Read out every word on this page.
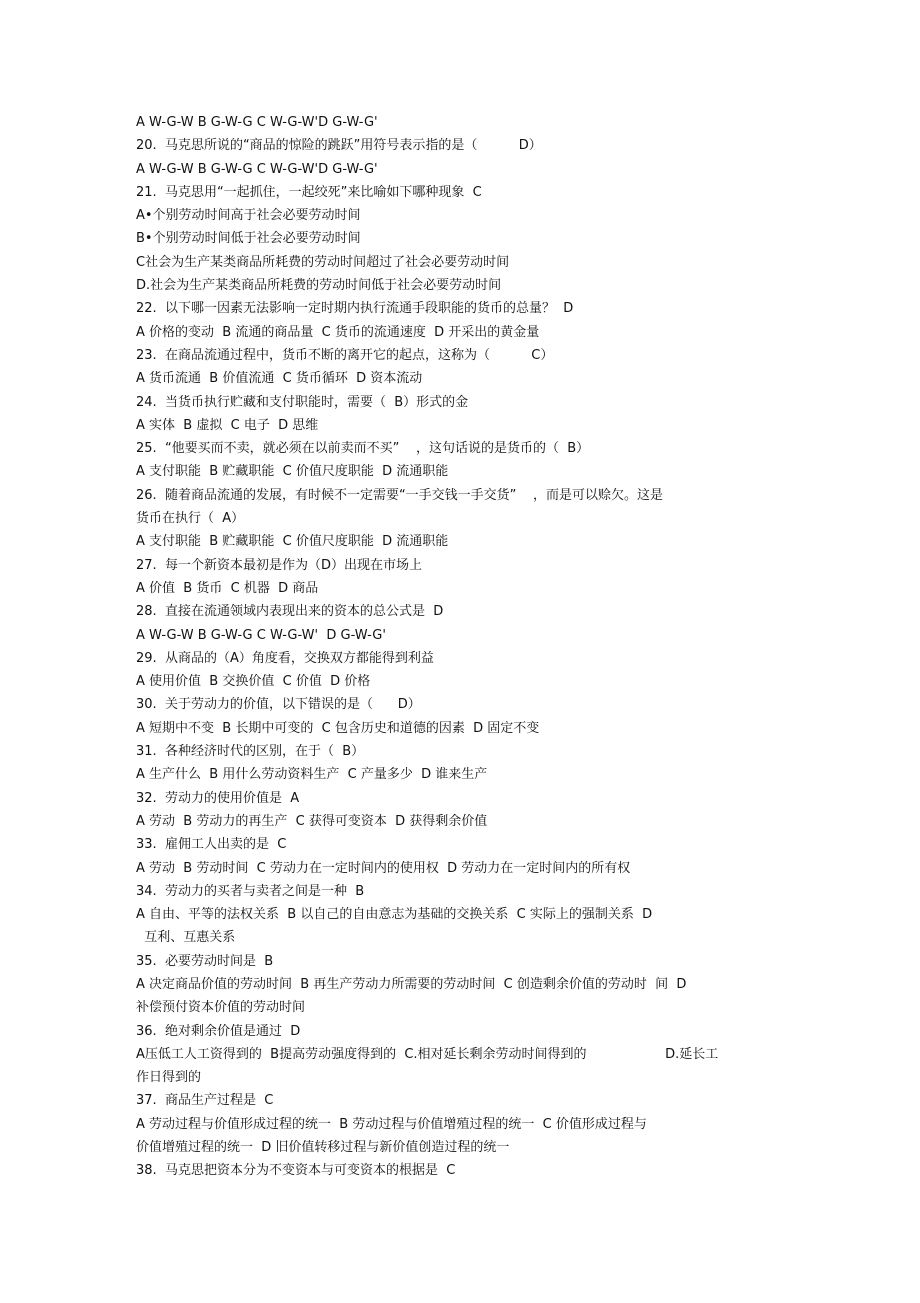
A W-G-W B G-W-G C W-G-W'D G-W-G'
20.  马克思所说的“商品的惊险的跳跃”用符号表示指的是（          D）
A W-G-W B G-W-G C W-G-W'D G-W-G'
21.  马克思用“一起抓住，一起绞死”来比喻如下哪种现象  C
A•个别劳动时间高于社会必要劳动时间
B•个别劳动时间低于社会必要劳动时间
C社会为生产某类商品所耗费的劳动时间超过了社会必要劳动时间
D.社会为生产某类商品所耗费的劳动时间低于社会必要劳动时间
22.  以下哪一因素无法影响一定时期内执行流通手段职能的货币的总量？  D
A 价格的变动  B 流通的商品量  C 货币的流通速度  D 开采出的黄金量
23.  在商品流通过程中，货币不断的离开它的起点，这称为（          C）
A 货币流通  B 价值流通  C 货币循环  D 资本流动
24.  当货币执行贮藏和支付职能时，需要（  B）形式的金
A 实体  B 虚拟  C 电子  D 思维
25.  “他要买而不卖，就必须在以前卖而不买”    ，这句话说的是货币的（  B）
A 支付职能  B 贮藏职能  C 价值尺度职能  D 流通职能
26.  随着商品流通的发展，有时候不一定需要“一手交钱一手交货”    ，而是可以赊欠。这是
货币在执行（  A）
A 支付职能  B 贮藏职能  C 价值尺度职能  D 流通职能
27.  每一个新资本最初是作为（D）出现在市场上
A 价值  B 货币  C 机器  D 商品
28.  直接在流通领域内表现出来的资本的总公式是  D
A W-G-W B G-W-G C W-G-W'  D G-W-G'
29.  从商品的（A）角度看，交换双方都能得到利益
A 使用价值  B 交换价值  C 价值  D 价格
30.  关于劳动力的价值，以下错误的是（      D）
A 短期中不变  B 长期中可变的  C 包含历史和道德的因素  D 固定不变
31.  各种经济时代的区别，在于（  B）
A 生产什么  B 用什么劳动资料生产  C 产量多少  D 谁来生产
32.  劳动力的使用价值是  A
A 劳动  B 劳动力的再生产  C 获得可变资本  D 获得剩余价值
33.  雇佣工人出卖的是  C
A 劳动  B 劳动时间  C 劳动力在一定时间内的使用权  D 劳动力在一定时间内的所有权
34.  劳动力的买者与卖者之间是一种  B
A 自由、平等的法权关系  B 以自己的自由意志为基础的交换关系  C 实际上的强制关系  D
互利、互惠关系
35.  必要劳动时间是  B
A 决定商品价值的劳动时间  B 再生产劳动力所需要的劳动时间  C 创造剩余价值的劳动时  间  D
补偿预付资本价值的劳动时间
36.  绝对剩余价值是通过  D
A压低工人工资得到的  B提高劳动强度得到的  C.相对延长剩余劳动时间得到的                   D.延长工
作日得到的
37.  商品生产过程是  C
A 劳动过程与价值形成过程的统一  B 劳动过程与价值增殖过程的统一  C 价值形成过程与
价值增殖过程的统一  D 旧价值转移过程与新价值创造过程的统一
38.  马克思把资本分为不变资本与可变资本的根据是  C
